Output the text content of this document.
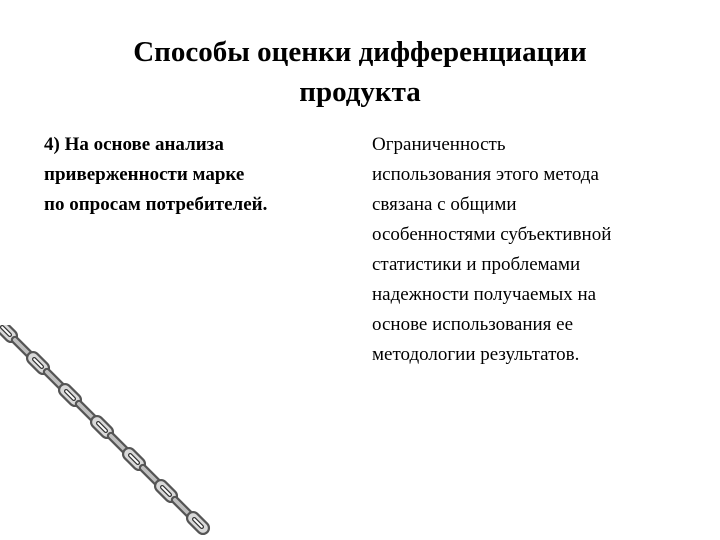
Способы оценки дифференциации
продукта
4) На основе анализа
приверженности марке
по опросам потребителей.
Ограниченность
использования этого метода
связана с общими
особенностями субъективной
статистики и проблемами
надежности получаемых на
основе использования ее
методологии результатов.
